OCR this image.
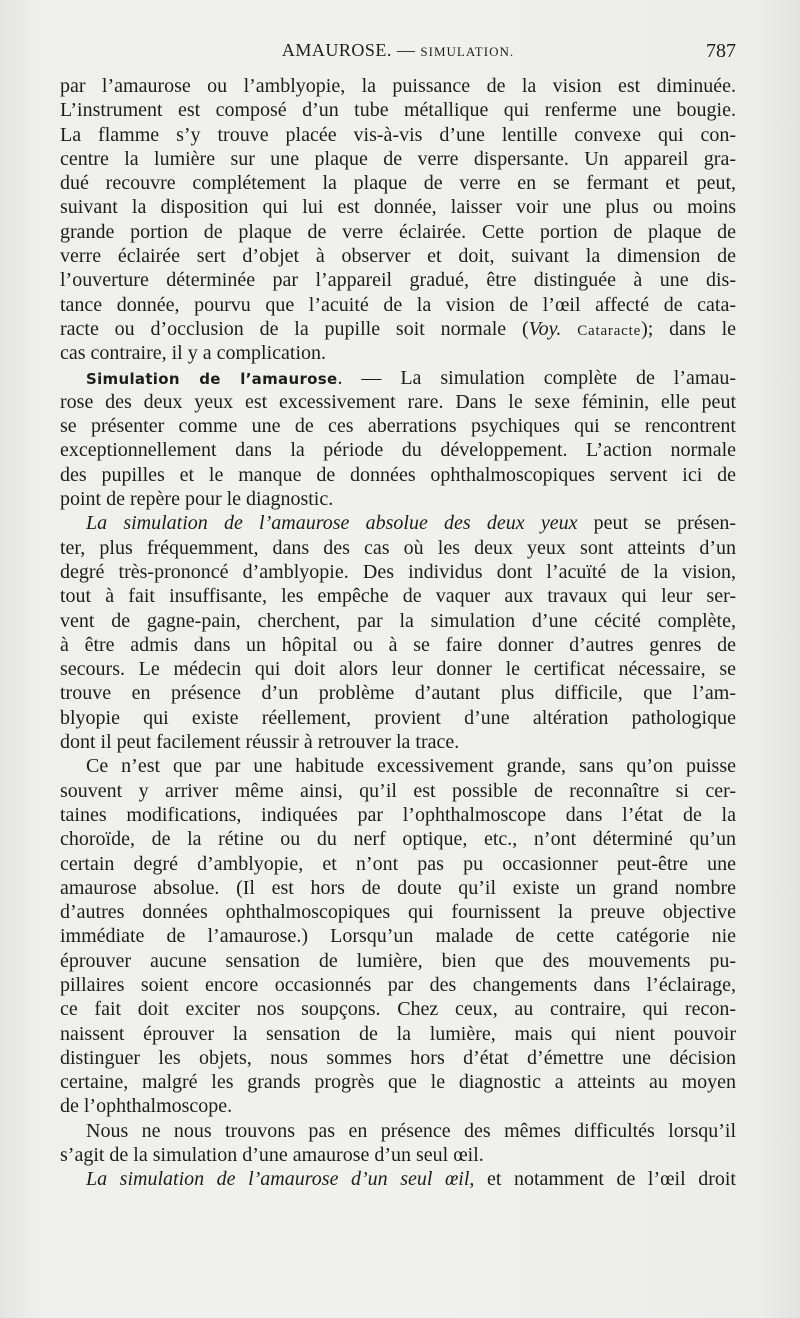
AMAUROSE. — SIMULATION.	787
par l’amaurose ou l’amblyopie, la puissance de la vision est diminuée.
L’instrument est composé d’un tube métallique qui renferme une bougie.
La flamme s’y trouve placée vis-à-vis d’une lentille convexe qui con-
centre la lumière sur une plaque de verre dispersante. Un appareil gra-
dué recouvre complétement la plaque de verre en se fermant et peut,
suivant la disposition qui lui est donnée, laisser voir une plus ou moins
grande portion de plaque de verre éclairée. Cette portion de plaque de
verre éclairée sert d’objet à observer et doit, suivant la dimension de
l’ouverture déterminée par l’appareil gradué, être distinguée à une dis-
tance donnée, pourvu que l’acuité de la vision de l’œil affecté de cata-
racte ou d’occlusion de la pupille soit normale (Voy. Cataracte); dans le
cas contraire, il y a complication.
Simulation de l’amaurose. — La simulation complète de l’amau-
rose des deux yeux est excessivement rare. Dans le sexe féminin, elle peut
se présenter comme une de ces aberrations psychiques qui se rencontrent
exceptionnellement dans la période du développement. L’action normale
des pupilles et le manque de données ophthalmoscopiques servent ici de
point de repère pour le diagnostic.
La simulation de l’amaurose absolue des deux yeux peut se présen-
ter, plus fréquemment, dans des cas où les deux yeux sont atteints d’un
degré très-prononcé d’amblyopie. Des individus dont l’acuïté de la vision,
tout à fait insuffisante, les empêche de vaquer aux travaux qui leur ser-
vent de gagne-pain, cherchent, par la simulation d’une cécité complète,
à être admis dans un hôpital ou à se faire donner d’autres genres de
secours. Le médecin qui doit alors leur donner le certificat nécessaire, se
trouve en présence d’un problème d’autant plus difficile, que l’am-
blyopie qui existe réellement, provient d’une altération pathologique
dont il peut facilement réussir à retrouver la trace.
Ce n’est que par une habitude excessivement grande, sans qu’on puisse
souvent y arriver même ainsi, qu’il est possible de reconnaître si cer-
taines modifications, indiquées par l’ophthalmoscope dans l’état de la
choroïde, de la rétine ou du nerf optique, etc., n’ont déterminé qu’un
certain degré d’amblyopie, et n’ont pas pu occasionner peut-être une
amaurose absolue. (Il est hors de doute qu’il existe un grand nombre
d’autres données ophthalmoscopiques qui fournissent la preuve objective
immédiate de l’amaurose.) Lorsqu’un malade de cette catégorie nie
éprouver aucune sensation de lumière, bien que des mouvements pu-
pillaires soient encore occasionnés par des changements dans l’éclairage,
ce fait doit exciter nos soupçons. Chez ceux, au contraire, qui recon-
naissent éprouver la sensation de la lumière, mais qui nient pouvoir
distinguer les objets, nous sommes hors d’état d’émettre une décision
certaine, malgré les grands progrès que le diagnostic a atteints au moyen
de l’ophthalmoscope.
Nous ne nous trouvons pas en présence des mêmes difficultés lorsqu’il
s’agit de la simulation d’une amaurose d’un seul œil.
La simulation de l’amaurose d’un seul œil, et notamment de l’œil droit
